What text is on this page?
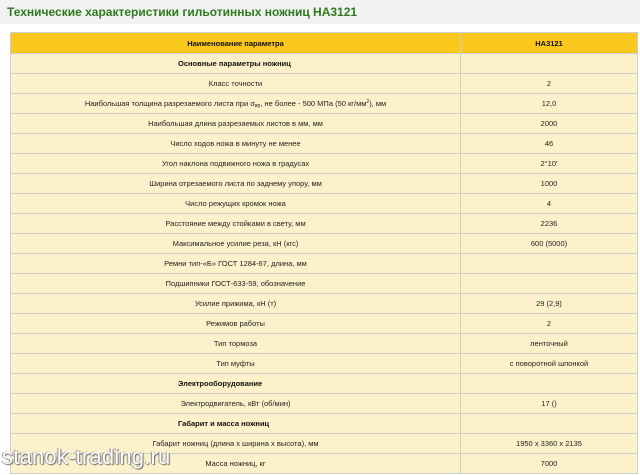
Технические характеристики гильотинных ножниц НА3121
Наименование параметра	НА3121
Основные параметры ножниц	
Класс точности	2
Наибольшая толщина разрезаемого листа при σвр, не более - 500 МПа (50 $кг/мм^2$), мм	12,0
Наибольшая длина разрезаемых листов в мм, мм	2000
Число ходов ножа в минуту не менее	46
Угол наклона подвижного ножа в градусах	2°10'
Ширина отрезаемого листа по заднему упору, мм	1000
Число режущих кромок ножа	4
Расстояние между стойками в свету, мм	2236
Максимальное усилие реза, кН (кгс)	600 (5000)
Ремни тип-«Б» ГОСТ 1284-67, длина, мм	
Подшипники ГОСТ-633-59, обозначение	
Усилие прижима, кН (т)	29 (2,9)
Режимов работы	2
Тип тормоза	ленточный
Тип муфты	с поворотной шпонкой
Электрооборудование	
Электродвигатель, кВт (об/мин)	17 ()
Габарит и масса ножниц	
Габарит ножниц (длина х ширина х высота), мм	1950 х 3360 х 2135
Масса ножниц, кг	7000
stanok-trading.ru
